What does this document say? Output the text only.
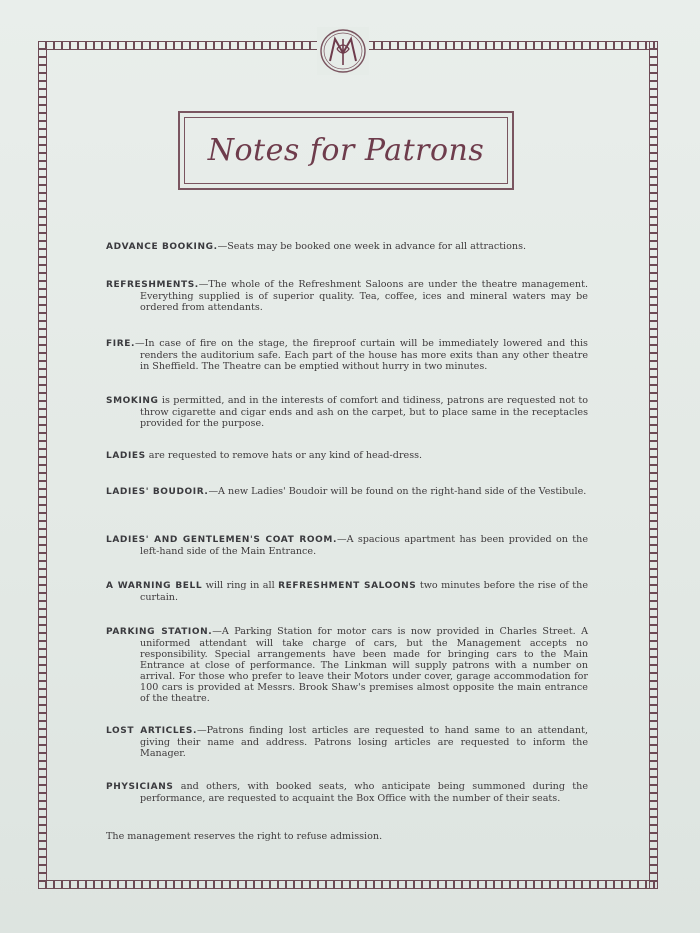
Notes for Patrons

ADVANCE BOOKING.—Seats may be booked one week in advance for all attractions.

REFRESHMENTS.—The whole of the Refreshment Saloons are under the theatre management. Everything supplied is of superior quality. Tea, coffee, ices and mineral waters may be ordered from attendants.

FIRE.—In case of fire on the stage, the fireproof curtain will be immediately lowered and this renders the auditorium safe. Each part of the house has more exits than any other theatre in Sheffield. The Theatre can be emptied without hurry in two minutes.

SMOKING is permitted, and in the interests of comfort and tidiness, patrons are requested not to throw cigarette and cigar ends and ash on the carpet, but to place same in the receptacles provided for the purpose.

LADIES are requested to remove hats or any kind of head-dress.

LADIES' BOUDOIR.—A new Ladies' Boudoir will be found on the right-hand side of the Vestibule.

LADIES' AND GENTLEMEN'S COAT ROOM.—A spacious apartment has been provided on the left-hand side of the Main Entrance.

A WARNING BELL will ring in all REFRESHMENT SALOONS two minutes before the rise of the curtain.

PARKING STATION.—A Parking Station for motor cars is now provided in Charles Street. A uniformed attendant will take charge of cars, but the Management accepts no responsibility. Special arrangements have been made for bringing cars to the Main Entrance at close of performance. The Linkman will supply patrons with a number on arrival. For those who prefer to leave their Motors under cover, garage accommodation for 100 cars is provided at Messrs. Brook Shaw's premises almost opposite the main entrance of the theatre.

LOST ARTICLES.—Patrons finding lost articles are requested to hand same to an attendant, giving their name and address. Patrons losing articles are requested to inform the Manager.

PHYSICIANS and others, with booked seats, who anticipate being summoned during the performance, are requested to acquaint the Box Office with the number of their seats.

The management reserves the right to refuse admission.
